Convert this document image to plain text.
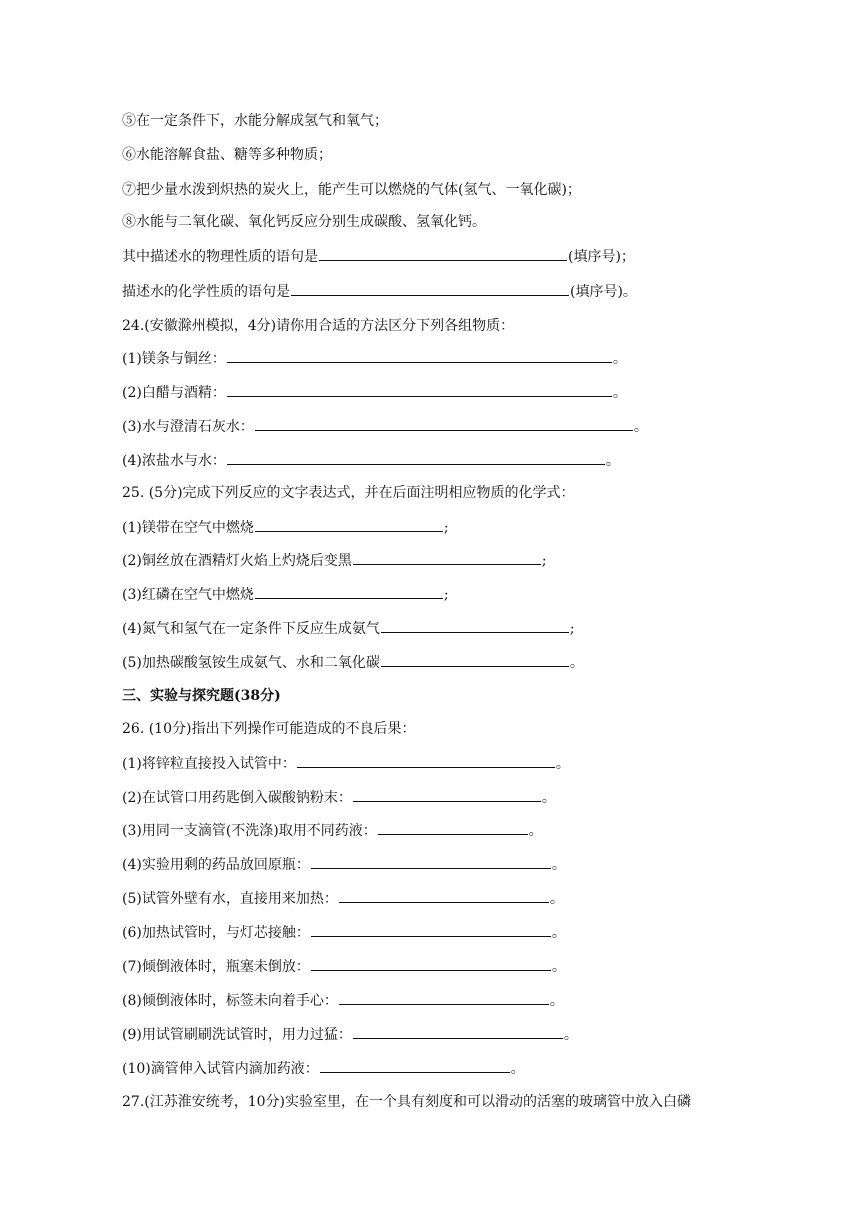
⑤在一定条件下，水能分解成氢气和氧气；
⑥水能溶解食盐、糖等多种物质；
⑦把少量水泼到炽热的炭火上，能产生可以燃烧的气体(氢气、一氧化碳)；
⑧水能与二氧化碳、氧化钙反应分别生成碳酸、氢氧化钙。
其中描述水的物理性质的语句是	(填序号)；
描述水的化学性质的语句是	(填序号)。
24.(安徽滁州模拟，4分)请你用合适的方法区分下列各组物质：
(1)镁条与铜丝：	。
(2)白醋与酒精：	。
(3)水与澄清石灰水：	。
(4)浓盐水与水：	。
25. (5分)完成下列反应的文字表达式，并在后面注明相应物质的化学式：
(1)镁带在空气中燃烧	;
(2)铜丝放在酒精灯火焰上灼烧后变黑	;
(3)红磷在空气中燃烧	;
(4)氮气和氢气在一定条件下反应生成氨气	;
(5)加热碳酸氢铵生成氨气、水和二氧化碳	。
三、实验与探究题(38分)
26. (10分)指出下列操作可能造成的不良后果：
(1)将锌粒直接投入试管中：	。
(2)在试管口用药匙倒入碳酸钠粉末：	。
(3)用同一支滴管(不洗涤)取用不同药液：	。
(4)实验用剩的药品放回原瓶：	。
(5)试管外壁有水，直接用来加热：	。
(6)加热试管时，与灯芯接触：	。
(7)倾倒液体时，瓶塞未倒放：	。
(8)倾倒液体时，标签未向着手心：	。
(9)用试管刷刷洗试管时，用力过猛：	。
(10)滴管伸入试管内滴加药液：	。
27.(江苏淮安统考，10分)实验室里，在一个具有刻度和可以滑动的活塞的玻璃管中放入白磷
